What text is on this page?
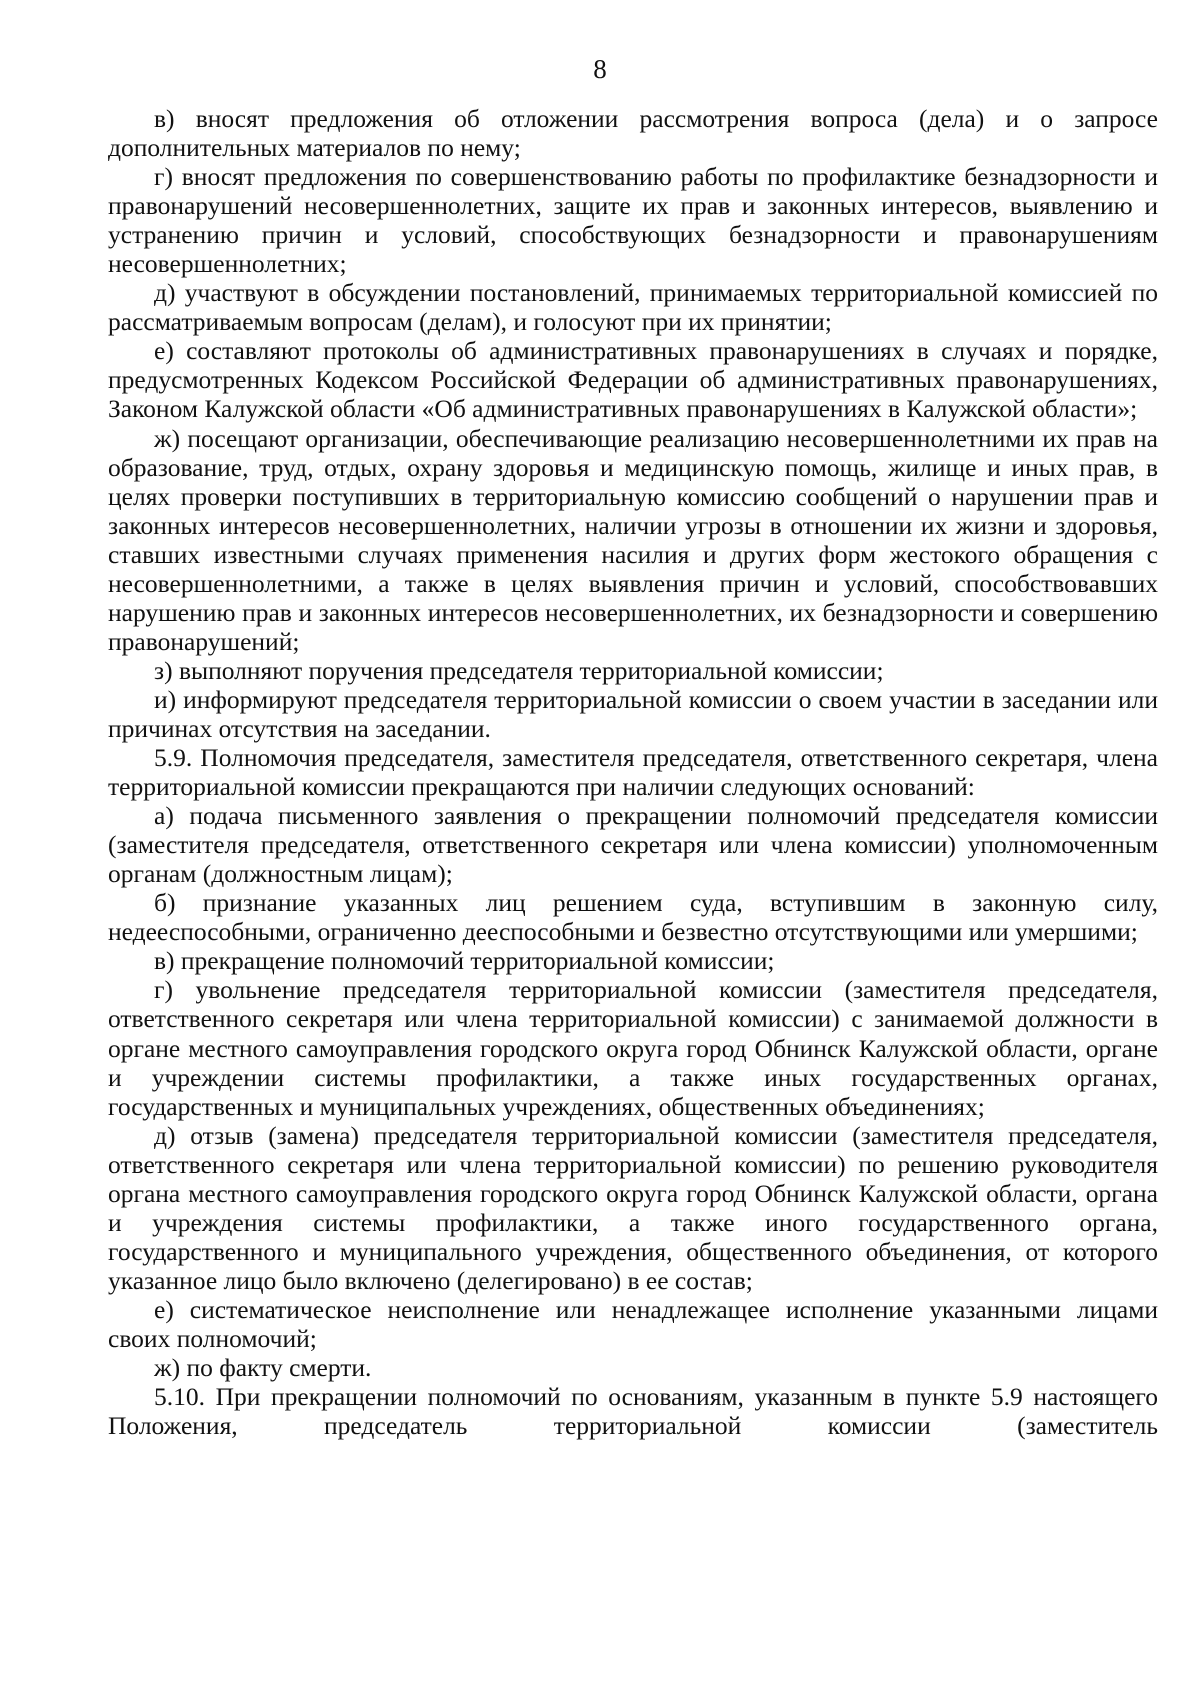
8

в) вносят предложения об отложении рассмотрения вопроса (дела) и о запросе дополнительных материалов по нему;

г) вносят предложения по совершенствованию работы по профилактике безнадзорности и правонарушений несовершеннолетних, защите их прав и законных интересов, выявлению и устранению причин и условий, способствующих безнадзорности и правонарушениям несовершеннолетних;

д) участвуют в обсуждении постановлений, принимаемых территориальной комиссией по рассматриваемым вопросам (делам), и голосуют при их принятии;

е) составляют протоколы об административных правонарушениях в случаях и порядке, предусмотренных Кодексом Российской Федерации об административных правонарушениях, Законом Калужской области «Об административных правонарушениях в Калужской области»;

ж) посещают организации, обеспечивающие реализацию несовершеннолетними их прав на образование, труд, отдых, охрану здоровья и медицинскую помощь, жилище и иных прав, в целях проверки поступивших в территориальную комиссию сообщений о нарушении прав и законных интересов несовершеннолетних, наличии угрозы в отношении их жизни и здоровья, ставших известными случаях применения насилия и других форм жестокого обращения с несовершеннолетними, а также в целях выявления причин и условий, способствовавших нарушению прав и законных интересов несовершеннолетних, их безнадзорности и совершению правонарушений;

з) выполняют поручения председателя территориальной комиссии;

и) информируют председателя территориальной комиссии о своем участии в заседании или причинах отсутствия на заседании.

5.9. Полномочия председателя, заместителя председателя, ответственного секретаря, члена территориальной комиссии прекращаются при наличии следующих оснований:

а) подача письменного заявления о прекращении полномочий председателя комиссии (заместителя председателя, ответственного секретаря или члена комиссии) уполномоченным органам (должностным лицам);

б) признание указанных лиц решением суда, вступившим в законную силу, недееспособными, ограниченно дееспособными и безвестно отсутствующими или умершими;

в) прекращение полномочий территориальной комиссии;

г) увольнение председателя территориальной комиссии (заместителя председателя, ответственного секретаря или члена территориальной комиссии) с занимаемой должности в органе местного самоуправления городского округа город Обнинск Калужской области, органе и учреждении системы профилактики, а также иных государственных органах, государственных и муниципальных учреждениях, общественных объединениях;

д) отзыв (замена) председателя территориальной комиссии (заместителя председателя, ответственного секретаря или члена территориальной комиссии) по решению руководителя органа местного самоуправления городского округа город Обнинск Калужской области, органа и учреждения системы профилактики, а также иного государственного органа, государственного и муниципального учреждения, общественного объединения, от которого указанное лицо было включено (делегировано) в ее состав;

е) систематическое неисполнение или ненадлежащее исполнение указанными лицами своих полномочий;

ж) по факту смерти.

5.10. При прекращении полномочий по основаниям, указанным в пункте 5.9 настоящего Положения, председатель территориальной комиссии (заместитель
